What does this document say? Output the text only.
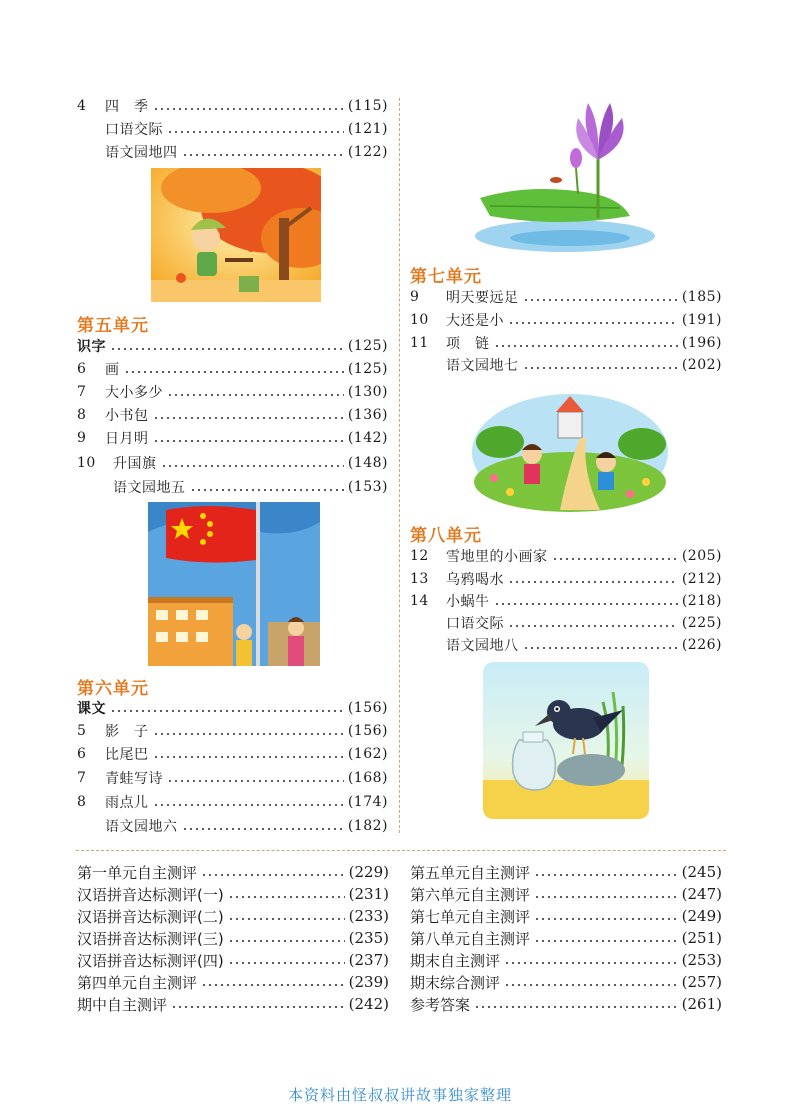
4	四　季	(115)
口语交际	(121)
语文园地四	(122)
第五单元
识字	(125)
6	画	(125)
7	大小多少	(130)
8	小书包	(136)
9	日月明	(142)
10 升国旗	(148)
语文园地五	(153)
第六单元
课文	(156)
5	影　子	(156)
6	比尾巴	(162)
7	青蛙写诗	(168)
8	雨点儿	(174)
语文园地六	(182)
第七单元
9	明天要远足	(185)
10	大还是小	(191)
11	项　链	(196)
语文园地七	(202)
第八单元
12	雪地里的小画家	(205)
13	乌鸦喝水	(212)
14	小蜗牛	(218)
口语交际	(225)
语文园地八	(226)
第一单元自主测评	(229)
汉语拼音达标测评(一)	(231)
汉语拼音达标测评(二)	(233)
汉语拼音达标测评(三)	(235)
汉语拼音达标测评(四)	(237)
第四单元自主测评	(239)
期中自主测评	(242)
第五单元自主测评	(245)
第六单元自主测评	(247)
第七单元自主测评	(249)
第八单元自主测评	(251)
期末自主测评	(253)
期末综合测评	(257)
参考答案	(261)
本资料由怪叔叔讲故事独家整理
